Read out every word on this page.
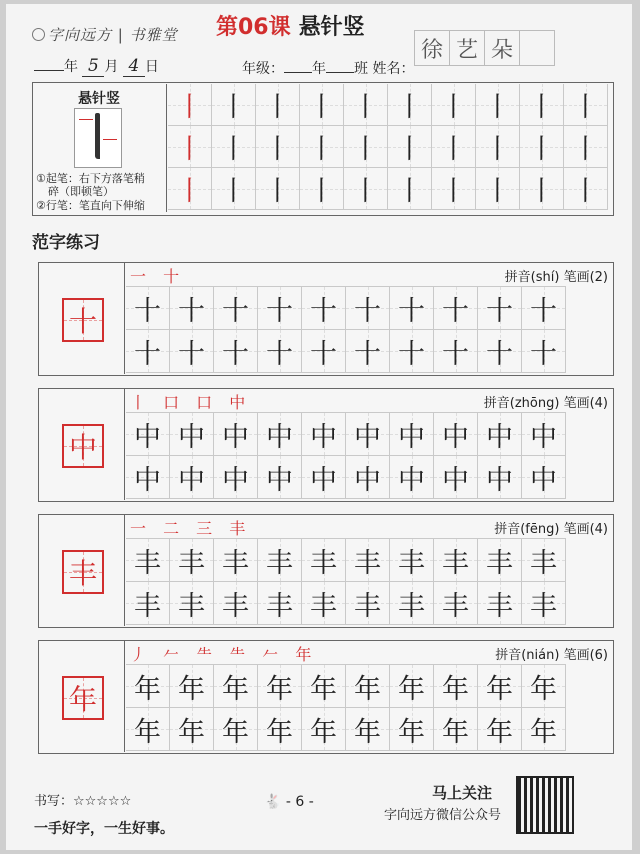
字向远方 | 书雅堂 第06课 悬针竖
年 5 月 4 日	年级： 年 班 姓名：
徐 艺 朵
悬针竖
①起笔：右下方落笔稍
碎（即顿笔）
②行笔：笔直向下伸缩
丨 丨 丨 丨 丨 丨 丨 丨 丨 丨
丨 丨 丨 丨 丨 丨 丨 丨 丨 丨
丨 丨 丨 丨 丨 丨 丨 丨 丨 丨
范字练习
十
一 十	拼音(shí) 笔画(2)
十 十 十 十 十 十 十 十 十 十
十 十 十 十 十 十 十 十 十 十
中
丨 口 口 中	拼音(zhōng) 笔画(4)
中 中 中 中 中 中 中 中 中 中
中 中 中 中 中 中 中 中 中 中
丰
一 二 三 丰	拼音(fēng) 笔画(4)
丰 丰 丰 丰 丰 丰 丰 丰 丰 丰
丰 丰 丰 丰 丰 丰 丰 丰 丰 丰
年
丿 𠂉 ⺧ ⺧ 𠂉 年	拼音(nián) 笔画(6)
年 年 年 年 年 年 年 年 年 年
年 年 年 年 年 年 年 年 年 年
书写：☆☆☆☆☆	🐇 - 6 -
一手好字，一生好事。
马上关注
字向远方微信公众号
